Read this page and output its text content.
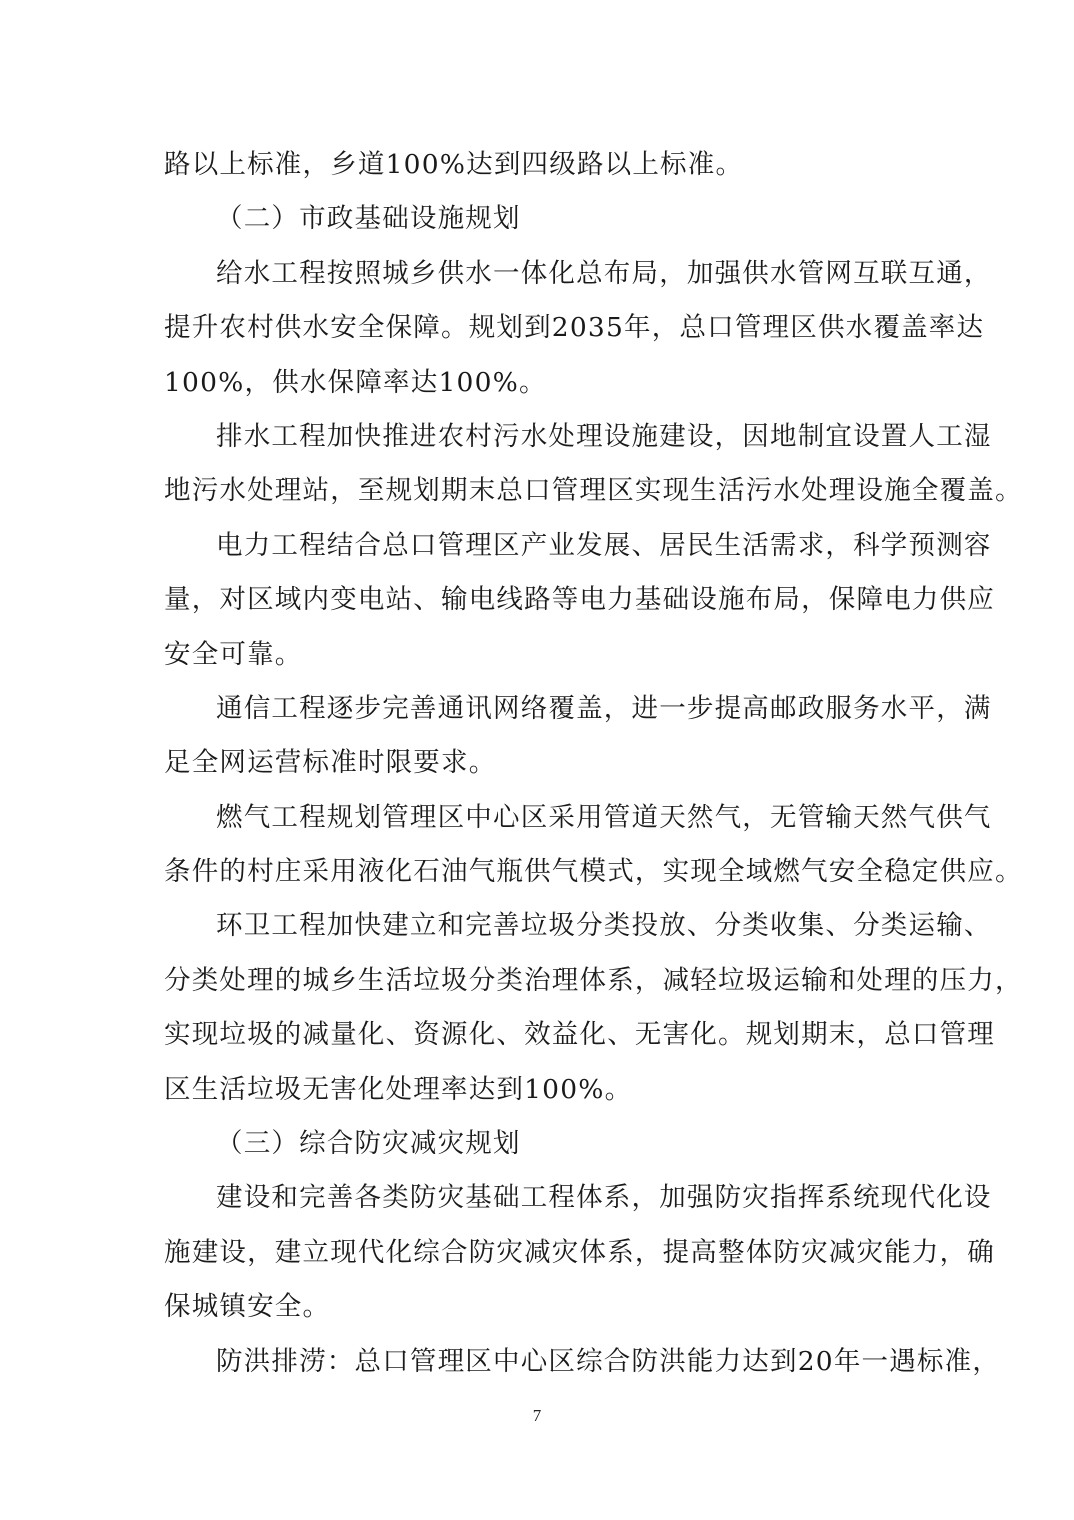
路以上标准，乡道100%达到四级路以上标准。
（二）市政基础设施规划
给水工程按照城乡供水一体化总布局，加强供水管网互联互通，
提升农村供水安全保障。规划到2035年，总口管理区供水覆盖率达
100%，供水保障率达100%。
排水工程加快推进农村污水处理设施建设，因地制宜设置人工湿
地污水处理站，至规划期末总口管理区实现生活污水处理设施全覆盖。
电力工程结合总口管理区产业发展、居民生活需求，科学预测容
量，对区域内变电站、输电线路等电力基础设施布局，保障电力供应
安全可靠。
通信工程逐步完善通讯网络覆盖，进一步提高邮政服务水平，满
足全网运营标准时限要求。
燃气工程规划管理区中心区采用管道天然气，无管输天然气供气
条件的村庄采用液化石油气瓶供气模式，实现全域燃气安全稳定供应。
环卫工程加快建立和完善垃圾分类投放、分类收集、分类运输、
分类处理的城乡生活垃圾分类治理体系，减轻垃圾运输和处理的压力，
实现垃圾的减量化、资源化、效益化、无害化。规划期末，总口管理
区生活垃圾无害化处理率达到100%。
（三）综合防灾减灾规划
建设和完善各类防灾基础工程体系，加强防灾指挥系统现代化设
施建设，建立现代化综合防灾减灾体系，提高整体防灾减灾能力，确
保城镇安全。
防洪排涝：总口管理区中心区综合防洪能力达到20年一遇标准，
7
